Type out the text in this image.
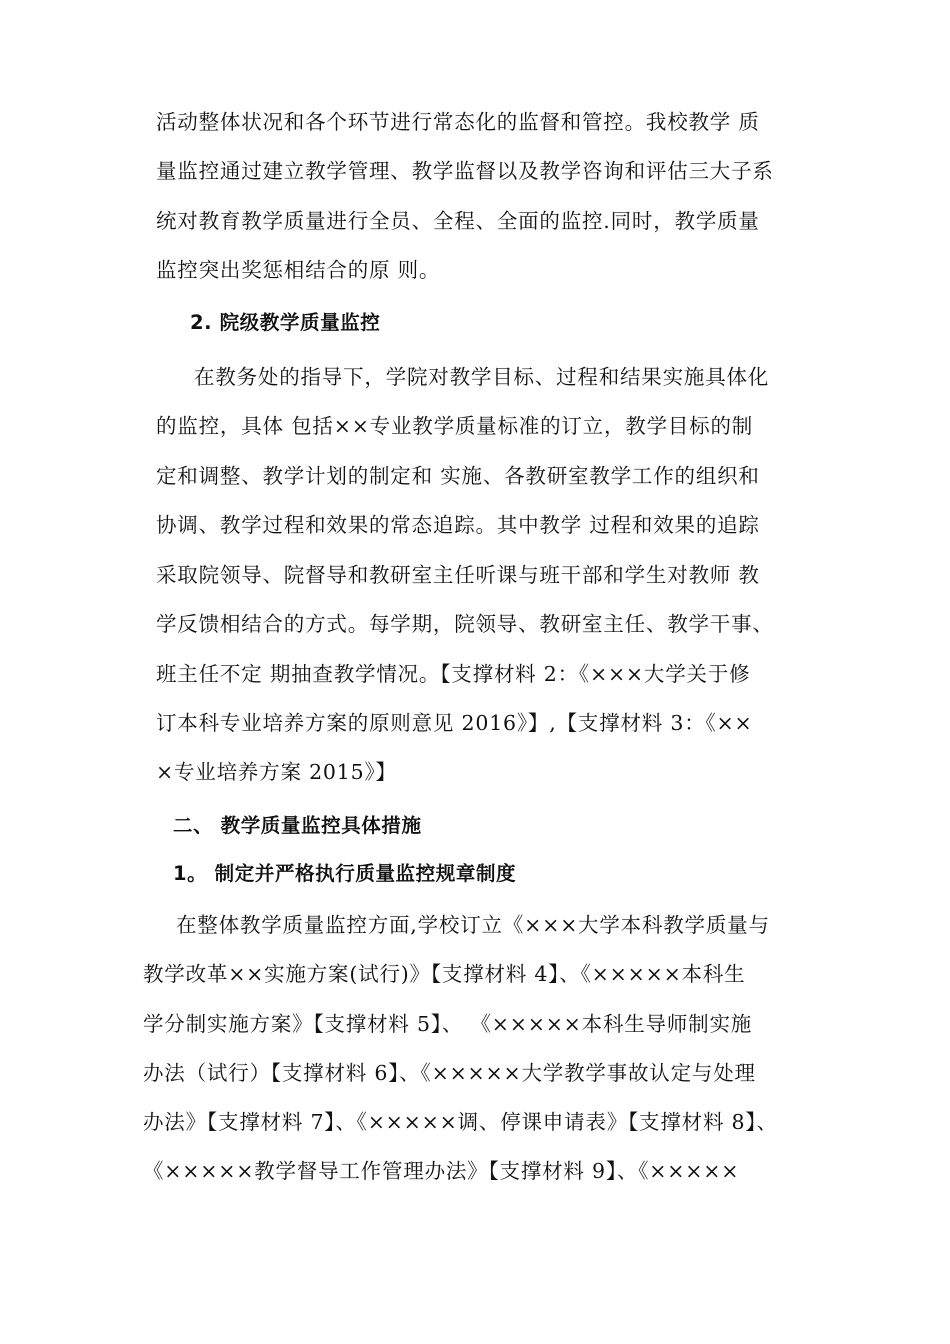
活动整体状况和各个环节进行常态化的监督和管控。我校教学 质
量监控通过建立教学管理、教学监督以及教学咨询和评估三大子系
统对教育教学质量进行全员、全程、全面的监控.同时，教学质量
监控突出奖惩相结合的原 则。
2. 院级教学质量监控
在教务处的指导下，学院对教学目标、过程和结果实施具体化
的监控，具体 包括××专业教学质量标准的订立，教学目标的制
定和调整、教学计划的制定和 实施、各教研室教学工作的组织和
协调、教学过程和效果的常态追踪。其中教学 过程和效果的追踪
采取院领导、院督导和教研室主任听课与班干部和学生对教师 教
学反馈相结合的方式。每学期，院领导、教研室主任、教学干事、
班主任不定 期抽查教学情况。【支撑材料 2：《×××大学关于修
订本科专业培养方案的原则意见 2016》】,【支撑材料 3：《××
×专业培养方案 2015》】
二、 教学质量监控具体措施
1。 制定并严格执行质量监控规章制度
在整体教学质量监控方面,学校订立《×××大学本科教学质量与
教学改革××实施方案(试行)》【支撑材料 4】、《×××××本科生
学分制实施方案》【支撑材料 5】、 《×××××本科生导师制实施
办法（试行）【支撑材料 6】、《×××××大学教学事故认定与处理
办法》【支撑材料 7】、《×××××调、停课申请表》【支撑材料 8】、
《×××××教学督导工作管理办法》【支撑材料 9】、《×××××
